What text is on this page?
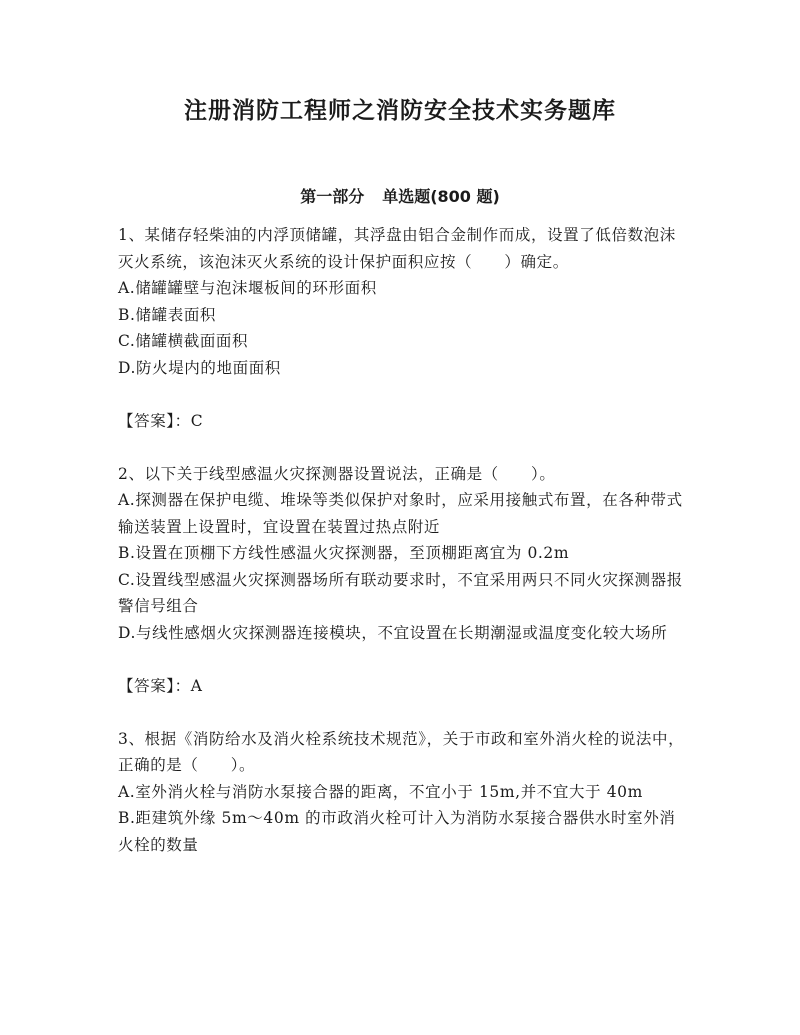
注册消防工程师之消防安全技术实务题库
第一部分 单选题(800 题)

1、某储存轻柴油的内浮顶储罐，其浮盘由铝合金制作而成，设置了低倍数泡沫灭火系统，该泡沫灭火系统的设计保护面积应按（　　）确定。

A.储罐罐壁与泡沫堰板间的环形面积

B.储罐表面积

C.储罐横截面面积

D.防火堤内的地面面积

【答案】：C

2、以下关于线型感温火灾探测器设置说法，正确是（　　）。

A.探测器在保护电缆、堆垛等类似保护对象时，应采用接触式布置，在各种带式输送装置上设置时，宜设置在装置过热点附近

B.设置在顶棚下方线性感温火灾探测器，至顶棚距离宜为 0.2m

C.设置线型感温火灾探测器场所有联动要求时，不宜采用两只不同火灾探测器报警信号组合

D.与线性感烟火灾探测器连接模块，不宜设置在长期潮湿或温度变化较大场所

【答案】：A

3、根据《消防给水及消火栓系统技术规范》，关于市政和室外消火栓的说法中，正确的是（　　）。

A.室外消火栓与消防水泵接合器的距离，不宜小于 15m,并不宜大于 40m

B.距建筑外缘 5m～40m 的市政消火栓可计入为消防水泵接合器供水时室外消火栓的数量
